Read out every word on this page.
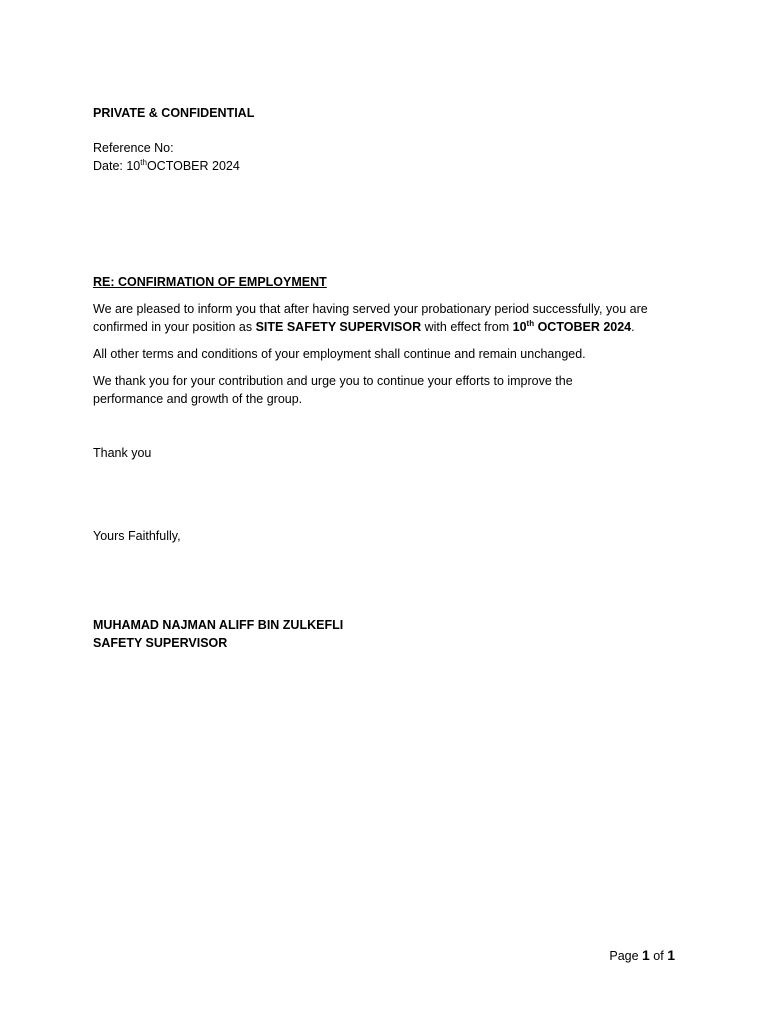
PRIVATE & CONFIDENTIAL
Reference No:
Date: 10thOCTOBER 2024
RE: CONFIRMATION OF EMPLOYMENT
We are pleased to inform you that after having served your probationary period successfully, you are
confirmed in your position as SITE SAFETY SUPERVISOR with effect from 10th OCTOBER 2024.
All other terms and conditions of your employment shall continue and remain unchanged.
We thank you for your contribution and urge you to continue your efforts to improve the
performance and growth of the group.
Thank you
Yours Faithfully,
MUHAMAD NAJMAN ALIFF BIN ZULKEFLI
SAFETY SUPERVISOR
Page 1 of 1
